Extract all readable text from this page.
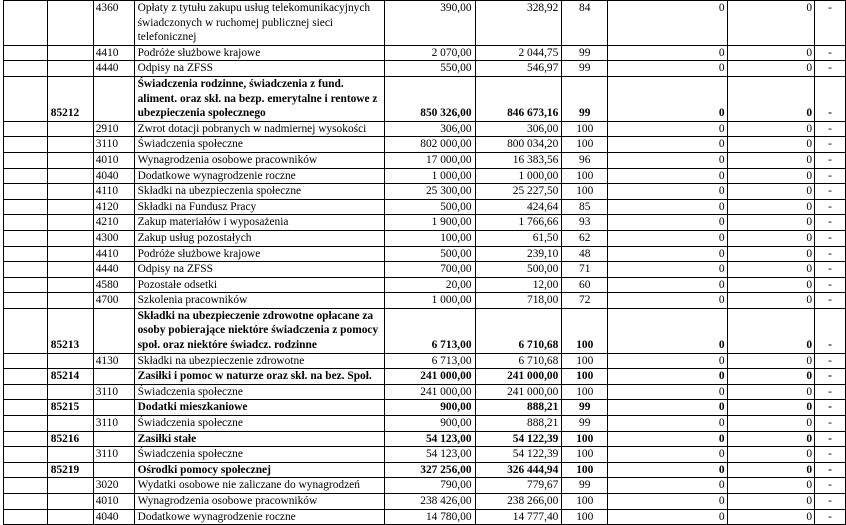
		4360	Opłaty z tytułu zakupu usług telekomunikacyjnych świadczonych w ruchomej publicznej sieci telefonicznej	390,00	328,92	84	0	0	-
		4410	Podróże służbowe krajowe	2 070,00	2 044,75	99	0	0	-
		4440	Odpisy na ZFSS	550,00	546,97	99	0	0	-
	85212		Świadczenia rodzinne, świadczenia z fund. aliment. oraz skł. na bezp. emerytalne i rentowe z ubezpieczenia społecznego	850 326,00	846 673,16	99	0	0	-
		2910	Zwrot dotacji pobranych w nadmiernej wysokości	306,00	306,00	100	0	0	-
		3110	Świadczenia społeczne	802 000,00	800 034,20	100	0	0	-
		4010	Wynagrodzenia osobowe pracowników	17 000,00	16 383,56	96	0	0	-
		4040	Dodatkowe wynagrodzenie roczne	1 000,00	1 000,00	100	0	0	-
		4110	Składki na ubezpieczenia społeczne	25 300,00	25 227,50	100	0	0	-
		4120	Składki na Fundusz Pracy	500,00	424,64	85	0	0	-
		4210	Zakup materiałów i wyposażenia	1 900,00	1 766,66	93	0	0	-
		4300	Zakup usług pozostałych	100,00	61,50	62	0	0	-
		4410	Podróże służbowe krajowe	500,00	239,10	48	0	0	-
		4440	Odpisy na ZFSS	700,00	500,00	71	0	0	-
		4580	Pozostałe odsetki	20,00	12,00	60	0	0	-
		4700	Szkolenia pracowników	1 000,00	718,00	72	0	0	-
	85213		Składki na ubezpieczenie zdrowotne opłacane za osoby pobierające niektóre świadczenia z pomocy społ. oraz niektóre świadcz. rodzinne	6 713,00	6 710,68	100	0	0	-
		4130	Składki na ubezpieczenie zdrowotne	6 713,00	6 710,68	100	0	0	-
	85214		Zasiłki i pomoc w naturze oraz skł. na bez. Społ.	241 000,00	241 000,00	100	0	0	-
		3110	Świadczenia społeczne	241 000,00	241 000,00	100	0	0	-
	85215		Dodatki mieszkaniowe	900,00	888,21	99	0	0	-
		3110	Świadczenia społeczne	900,00	888,21	99	0	0	-
	85216		Zasiłki stałe	54 123,00	54 122,39	100	0	0	-
		3110	Świadczenia społeczne	54 123,00	54 122,39	100	0	0	-
	85219		Ośrodki pomocy społecznej	327 256,00	326 444,94	100	0	0	-
		3020	Wydatki osobowe nie zaliczane do wynagrodzeń	790,00	779,67	99	0	0	-
		4010	Wynagrodzenia osobowe pracowników	238 426,00	238 266,00	100	0	0	-
		4040	Dodatkowe wynagrodzenie roczne	14 780,00	14 777,40	100	0	0	-
